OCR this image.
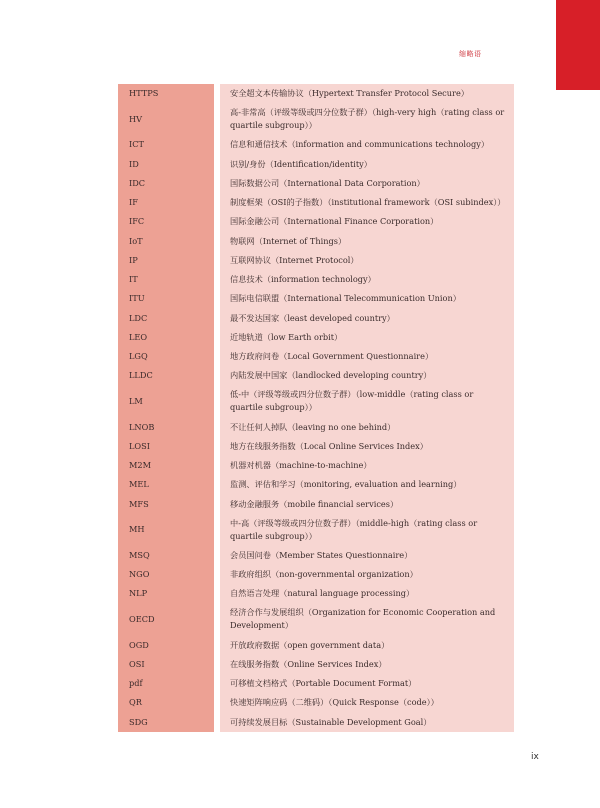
缩略语
HTTPS		安全超文本传输协议（Hypertext Transfer Protocol Secure）
HV		高-非常高（评级等级或四分位数子群）（high-very high（rating class or quartile subgroup））
ICT		信息和通信技术（information and communications technology）
ID		识别/身份（Identification/identity）
IDC		国际数据公司（International Data Corporation）
IF		制度框架（OSI的子指数）（institutional framework（OSI subindex））
IFC		国际金融公司（International Finance Corporation）
IoT		物联网（Internet of Things）
IP		互联网协议（Internet Protocol）
IT		信息技术（information technology）
ITU		国际电信联盟（International Telecommunication Union）
LDC		最不发达国家（least developed country）
LEO		近地轨道（low Earth orbit）
LGQ		地方政府问卷（Local Government Questionnaire）
LLDC		内陆发展中国家（landlocked developing country）
LM		低-中（评级等级或四分位数子群）（low-middle（rating class or quartile subgroup））
LNOB		不让任何人掉队（leaving no one behind）
LOSI		地方在线服务指数（Local Online Services Index）
M2M		机器对机器（machine-to-machine）
MEL		监测、评估和学习（monitoring, evaluation and learning）
MFS		移动金融服务（mobile financial services）
MH		中-高（评级等级或四分位数子群）（middle-high（rating class or quartile subgroup））
MSQ		会员国问卷（Member States Questionnaire）
NGO		非政府组织（non-governmental organization）
NLP		自然语言处理（natural language processing）
OECD		经济合作与发展组织（Organization for Economic Cooperation and Development）
OGD		开放政府数据（open government data）
OSI		在线服务指数（Online Services Index）
pdf		可移植文档格式（Portable Document Format）
QR		快速矩阵响应码（二维码）（Quick Response（code））
SDG		可持续发展目标（Sustainable Development Goal）
ix
